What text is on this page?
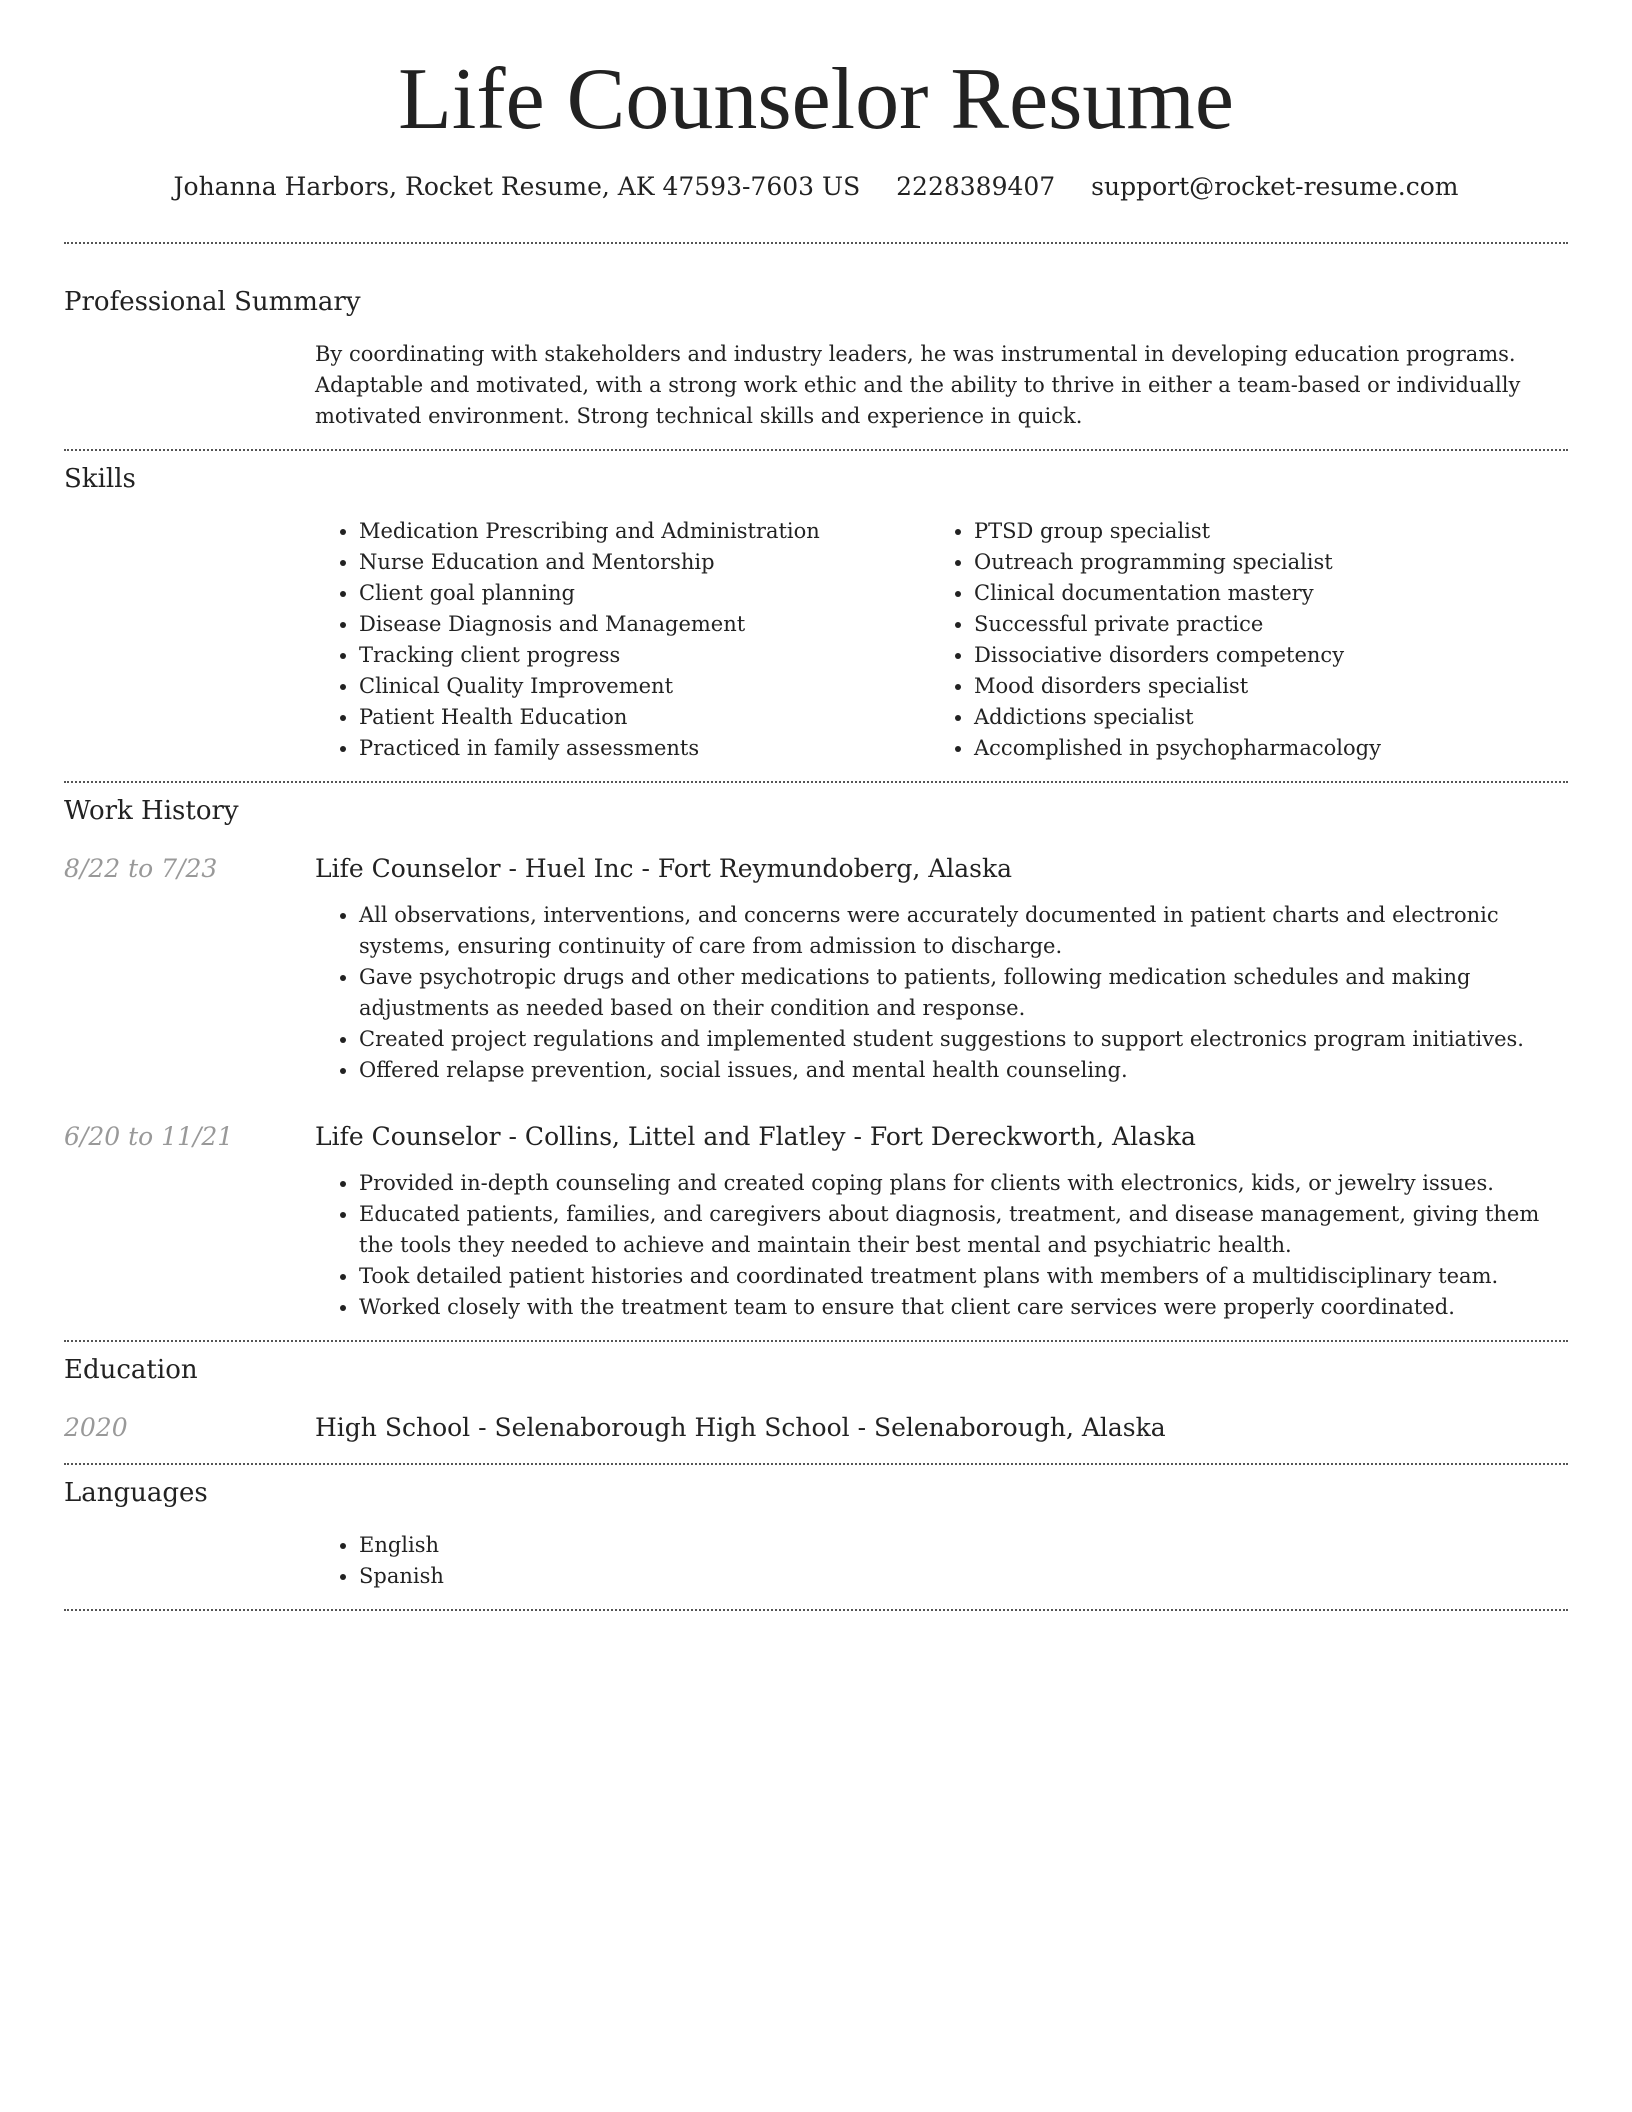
Life Counselor Resume
Johanna Harbors, Rocket Resume, AK 47593-7603 US 2228389407 support@rocket-resume.com
Professional Summary
By coordinating with stakeholders and industry leaders, he was instrumental in developing education programs. Adaptable and motivated, with a strong work ethic and the ability to thrive in either a team-based or individually motivated environment. Strong technical skills and experience in quick.
Skills
• Medication Prescribing and Administration
• Nurse Education and Mentorship
• Client goal planning
• Disease Diagnosis and Management
• Tracking client progress
• Clinical Quality Improvement
• Patient Health Education
• Practiced in family assessments
• PTSD group specialist
• Outreach programming specialist
• Clinical documentation mastery
• Successful private practice
• Dissociative disorders competency
• Mood disorders specialist
• Addictions specialist
• Accomplished in psychopharmacology
Work History
8/22 to 7/23	Life Counselor - Huel Inc - Fort Reymundoberg, Alaska
• All observations, interventions, and concerns were accurately documented in patient charts and electronic systems, ensuring continuity of care from admission to discharge.
• Gave psychotropic drugs and other medications to patients, following medication schedules and making adjustments as needed based on their condition and response.
• Created project regulations and implemented student suggestions to support electronics program initiatives.
• Offered relapse prevention, social issues, and mental health counseling.
6/20 to 11/21	Life Counselor - Collins, Littel and Flatley - Fort Dereckworth, Alaska
• Provided in-depth counseling and created coping plans for clients with electronics, kids, or jewelry issues.
• Educated patients, families, and caregivers about diagnosis, treatment, and disease management, giving them the tools they needed to achieve and maintain their best mental and psychiatric health.
• Took detailed patient histories and coordinated treatment plans with members of a multidisciplinary team.
• Worked closely with the treatment team to ensure that client care services were properly coordinated.
Education
2020	High School - Selenaborough High School - Selenaborough, Alaska
Languages
• English
• Spanish
